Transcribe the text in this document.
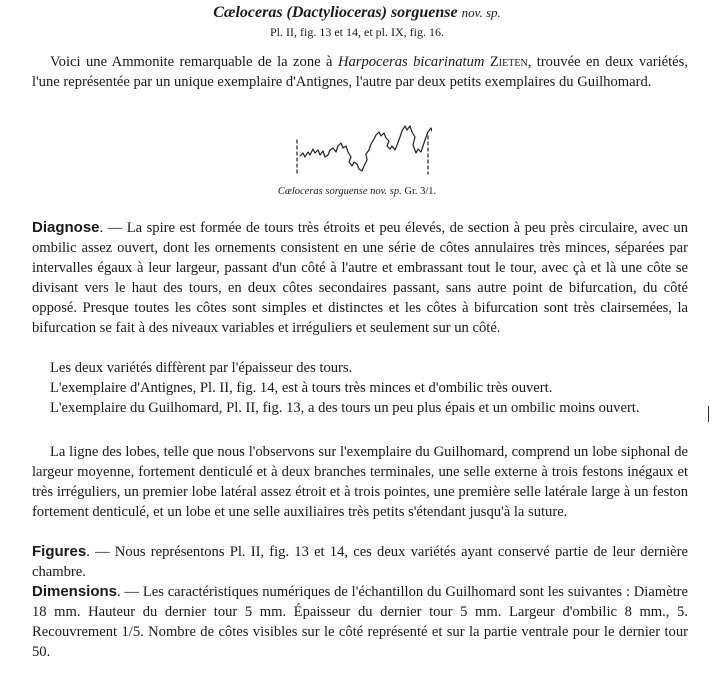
Cæloceras (Dactylioceras) sorguense nov. sp.
Pl. II, fig. 13 et 14, et pl. IX, fig. 16.

Voici une Ammonite remarquable de la zone à Harpoceras bicarinatum Zieten, trouvée en deux variétés, l'une représentée par un unique exemplaire d'Antignes, l'autre par deux petits exemplaires du Guilhomard.

Cæloceras sorguense nov. sp. Gr. 3/1.

Diagnose. — La spire est formée de tours très étroits et peu élevés, de section à peu près circulaire, avec un ombilic assez ouvert, dont les ornements consistent en une série de côtes annulaires très minces, séparées par intervalles égaux à leur largeur, passant d'un côté à l'autre et embrassant tout le tour, avec çà et là une côte se divisant vers le haut des tours, en deux côtes secondaires passant, sans autre point de bifurcation, du côté opposé. Presque toutes les côtes sont simples et distinctes et les côtes à bifurcation sont très clairsemées, la bifurcation se fait à des niveaux variables et irréguliers et seulement sur un côté.

Les deux variétés diffèrent par l'épaisseur des tours.

L'exemplaire d'Antignes, Pl. II, fig. 14, est à tours très minces et d'ombilic très ouvert.

L'exemplaire du Guilhomard, Pl. II, fig. 13, a des tours un peu plus épais et un ombilic moins ouvert.

La ligne des lobes, telle que nous l'observons sur l'exemplaire du Guilhomard, comprend un lobe siphonal de largeur moyenne, fortement denticulé et à deux branches terminales, une selle externe à trois festons inégaux et très irréguliers, un premier lobe latéral assez étroit et à trois pointes, une première selle latérale large à un feston fortement denticulé, et un lobe et une selle auxiliaires très petits s'étendant jusqu'à la suture.

Figures. — Nous représentons Pl. II, fig. 13 et 14, ces deux variétés ayant conservé partie de leur dernière chambre.

Dimensions. — Les caractéristiques numériques de l'échantillon du Guilhomard sont les suivantes : Diamètre 18 mm. Hauteur du dernier tour 5 mm. Épaisseur du dernier tour 5 mm. Largeur d'ombilic 8 mm., 5. Recouvrement 1/5. Nombre de côtes visibles sur le côté représenté et sur la partie ventrale pour le dernier tour 50.
